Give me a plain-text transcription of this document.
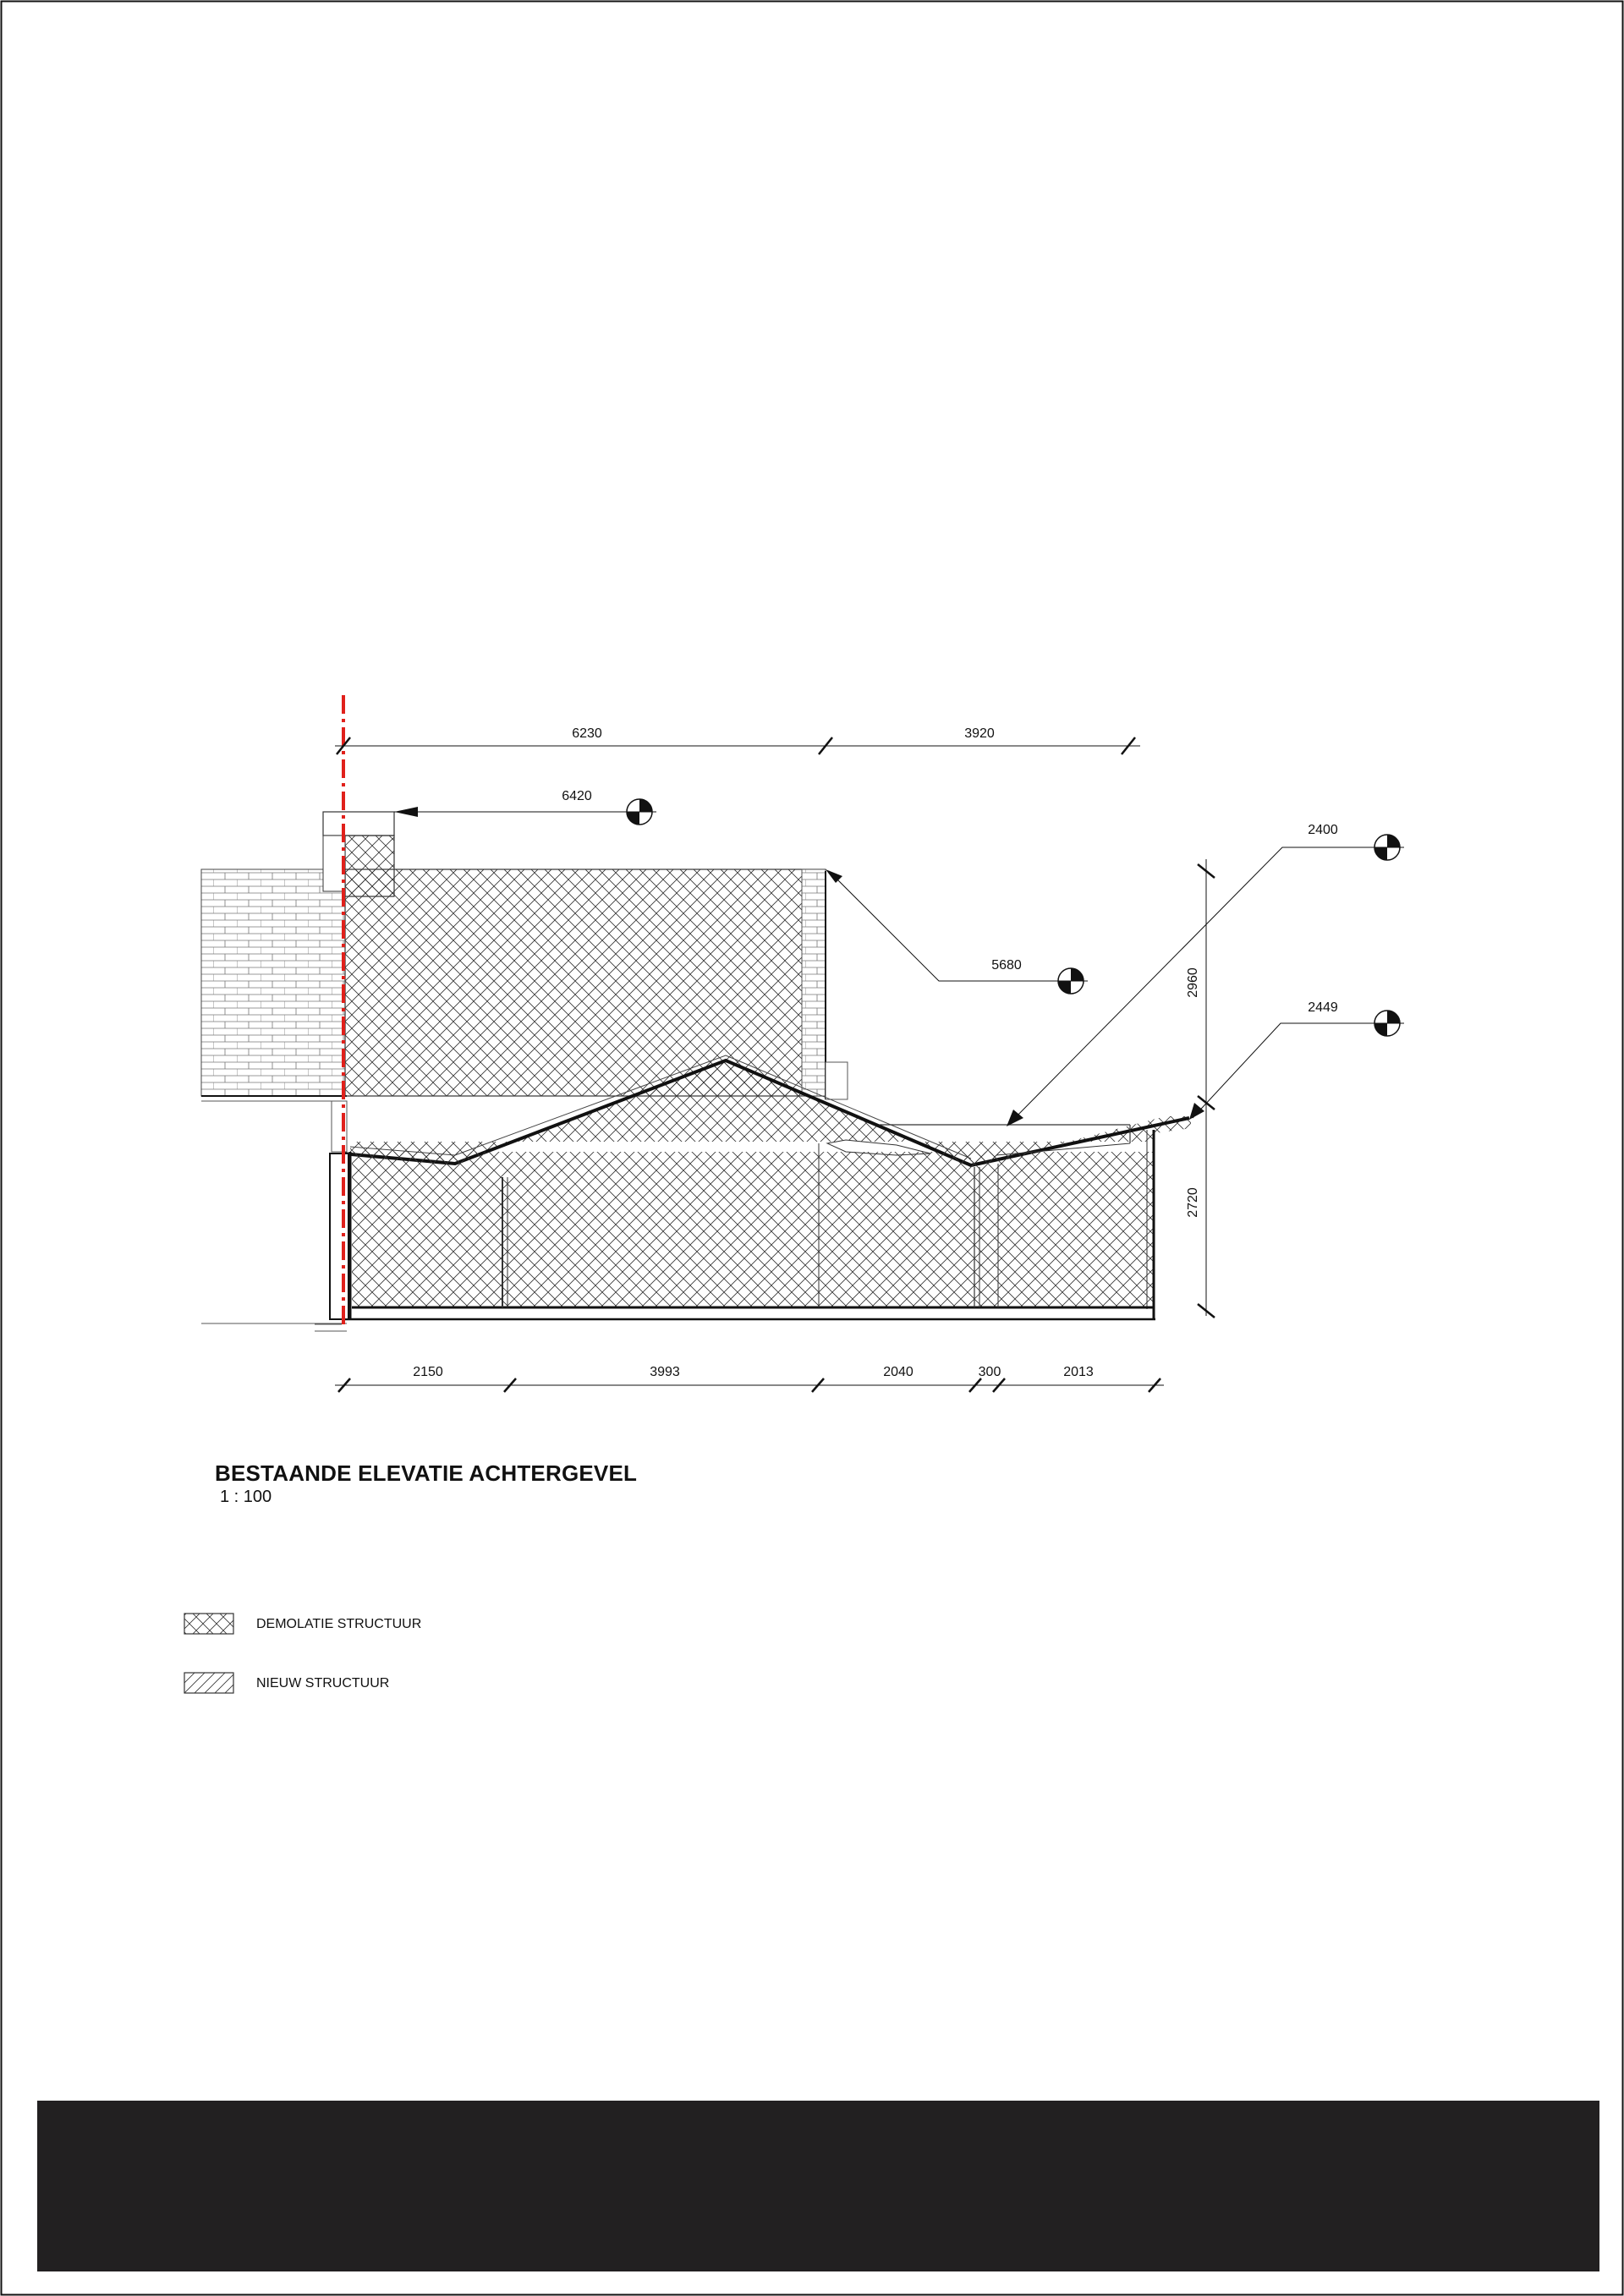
6230	3920
2150	3993	2040	300	2013
2960
2720
6420
5680
2400
2449
BESTAANDE ELEVATIE ACHTERGEVEL
1 : 100
DEMOLATIE STRUCTUUR
NIEUW STRUCTUUR
